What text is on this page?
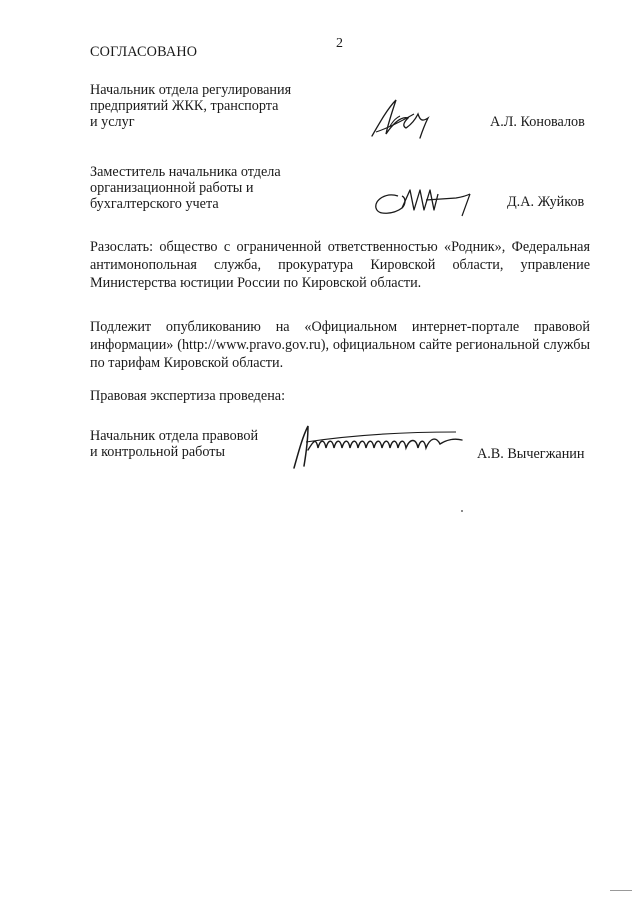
2
СОГЛАСОВАНО
Начальник отдела регулирования
предприятий ЖКК, транспорта
и услуг	А.Л. Коновалов
Заместитель начальника отдела
организационной работы и
бухгалтерского учета	Д.А. Жуйков
Разослать: общество с ограниченной ответственностью «Родник», Федеральная антимонопольная служба, прокуратура Кировской области, управление Министерства юстиции России по Кировской области.
Подлежит опубликованию на «Официальном интернет-портале правовой информации» (http://www.pravo.gov.ru), официальном сайте региональной службы по тарифам Кировской области.
Правовая экспертиза проведена:
Начальник отдела правовой
и контрольной работы	А.В. Вычегжанин
